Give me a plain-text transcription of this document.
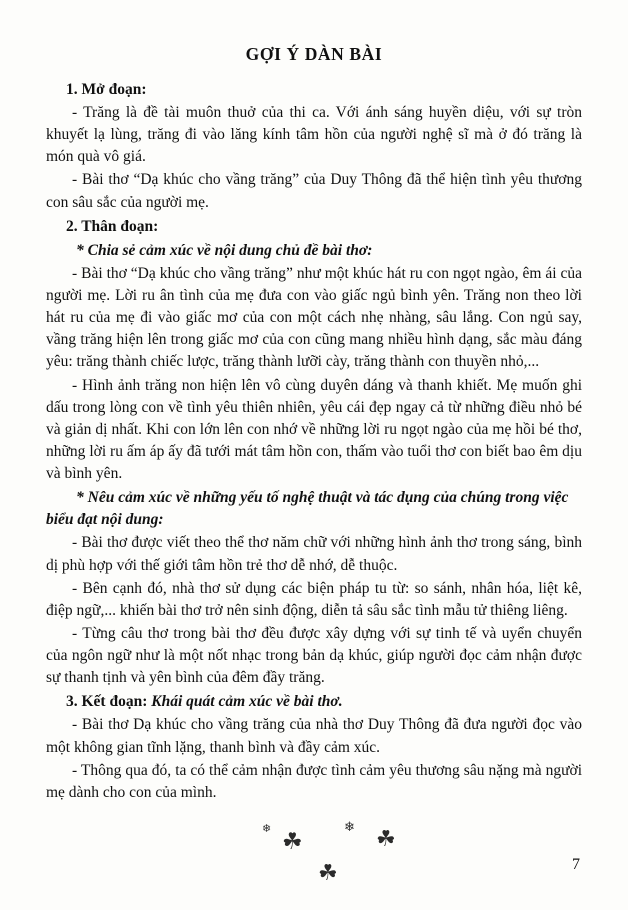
GỢI Ý DÀN BÀI
1. Mở đoạn:

- Trăng là đề tài muôn thuở của thi ca. Với ánh sáng huyền diệu, với sự tròn khuyết lạ lùng, trăng đi vào lăng kính tâm hồn của người nghệ sĩ mà ở đó trăng là món quà vô giá.

- Bài thơ “Dạ khúc cho vầng trăng” của Duy Thông đã thể hiện tình yêu thương con sâu sắc của người mẹ.

2. Thân đoạn:
* Chia sẻ cảm xúc về nội dung chủ đề bài thơ:

- Bài thơ “Dạ khúc cho vầng trăng” như một khúc hát ru con ngọt ngào, êm ái của người mẹ. Lời ru ân tình của mẹ đưa con vào giấc ngủ bình yên. Trăng non theo lời hát ru của mẹ đi vào giấc mơ của con một cách nhẹ nhàng, sâu lắng. Con ngủ say, vầng trăng hiện lên trong giấc mơ của con cũng mang nhiều hình dạng, sắc màu đáng yêu: trăng thành chiếc lược, trăng thành lưỡi cày, trăng thành con thuyền nhỏ,...

- Hình ảnh trăng non hiện lên vô cùng duyên dáng và thanh khiết. Mẹ muốn ghi dấu trong lòng con về tình yêu thiên nhiên, yêu cái đẹp ngay cả từ những điều nhỏ bé và giản dị nhất. Khi con lớn lên con nhớ về những lời ru ngọt ngào của mẹ hồi bé thơ, những lời ru ấm áp ấy đã tưới mát tâm hồn con, thấm vào tuổi thơ con biết bao êm dịu và bình yên.

* Nêu cảm xúc về những yếu tố nghệ thuật và tác dụng của chúng trong việc biểu đạt nội dung:

- Bài thơ được viết theo thể thơ năm chữ với những hình ảnh thơ trong sáng, bình dị phù hợp với thế giới tâm hồn trẻ thơ dễ nhớ, dễ thuộc.

- Bên cạnh đó, nhà thơ sử dụng các biện pháp tu từ: so sánh, nhân hóa, liệt kê, điệp ngữ,... khiến bài thơ trở nên sinh động, diễn tả sâu sắc tình mẫu tử thiêng liêng.

- Từng câu thơ trong bài thơ đều được xây dựng với sự tinh tế và uyển chuyển của ngôn ngữ như là một nốt nhạc trong bản dạ khúc, giúp người đọc cảm nhận được sự thanh tịnh và yên bình của đêm đầy trăng.

3. Kết đoạn: Khái quát cảm xúc về bài thơ.

- Bài thơ Dạ khúc cho vầng trăng của nhà thơ Duy Thông đã đưa người đọc vào một không gian tĩnh lặng, thanh bình và đầy cảm xúc.

- Thông qua đó, ta có thể cảm nhận được tình cảm yêu thương sâu nặng mà người mẹ dành cho con của mình.

❄ ☘
❄ ☘
☘	7
